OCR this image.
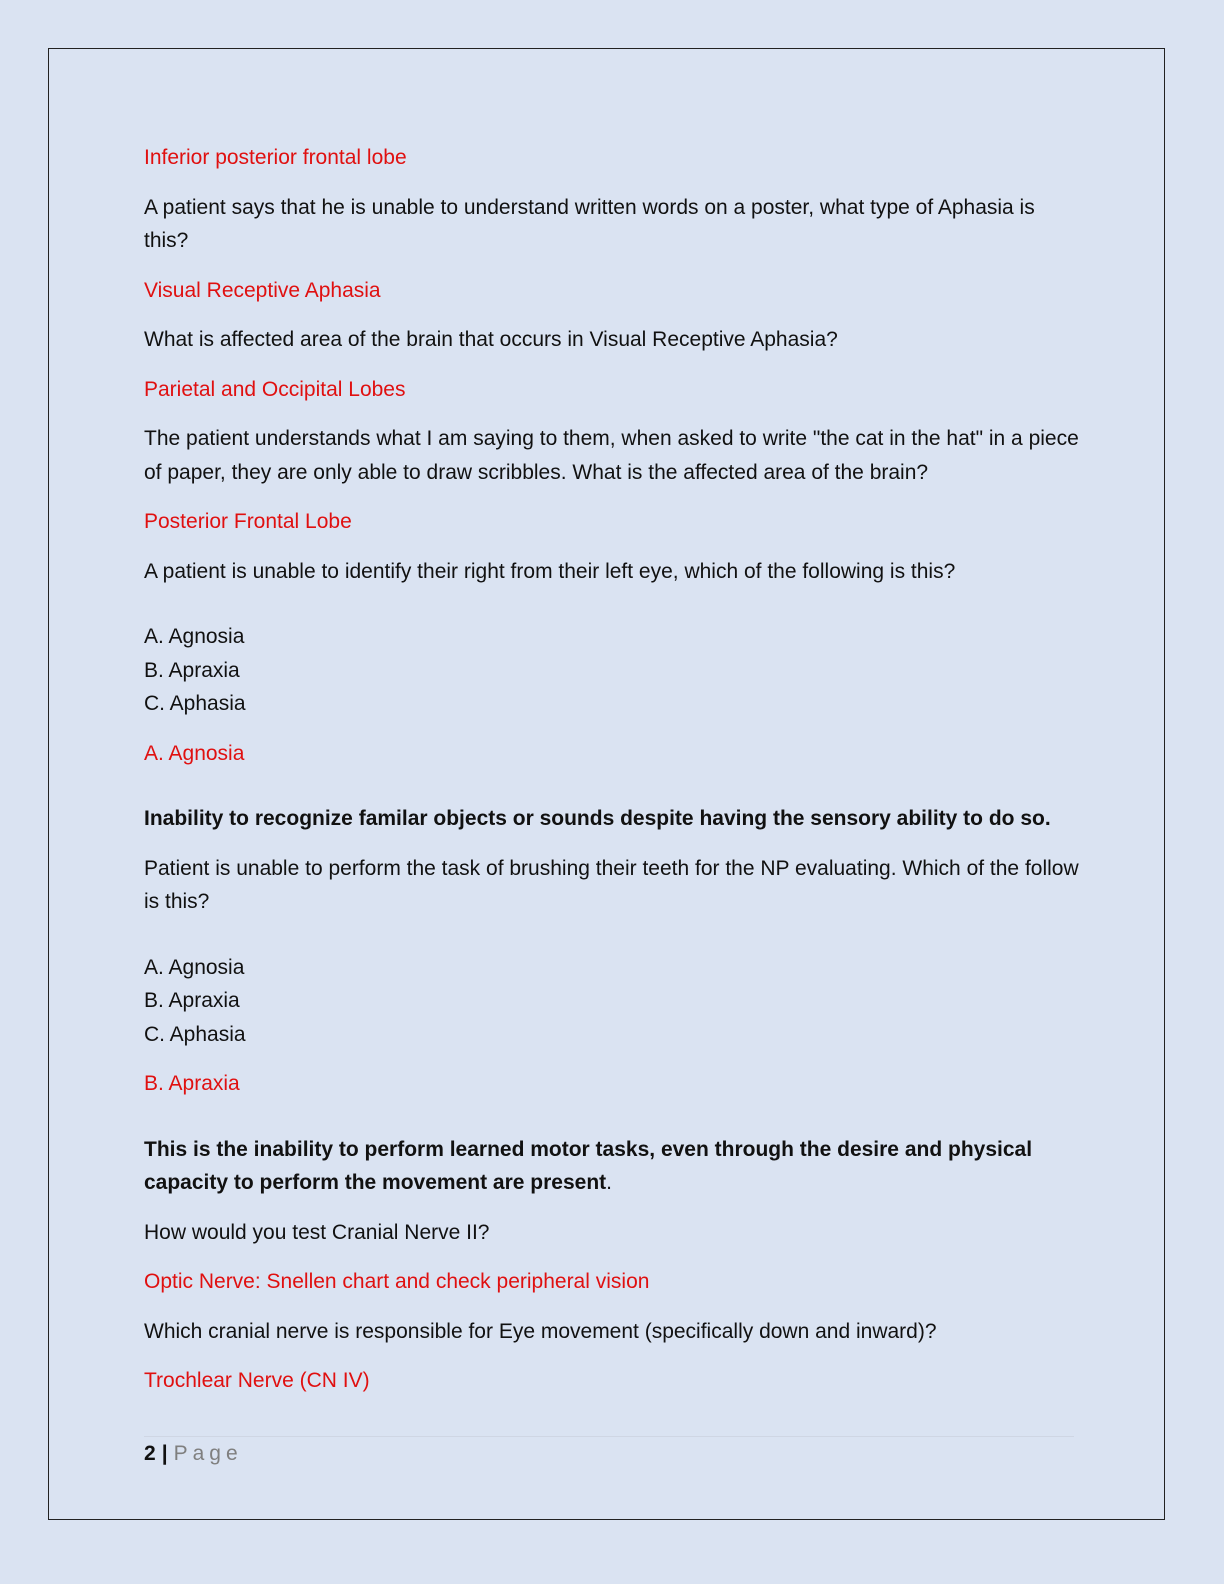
Inferior posterior frontal lobe

A patient says that he is unable to understand written words on a poster, what type of Aphasia is this?

Visual Receptive Aphasia

What is affected area of the brain that occurs in Visual Receptive Aphasia?

Parietal and Occipital Lobes

The patient understands what I am saying to them, when asked to write "the cat in the hat" in a piece of paper, they are only able to draw scribbles. What is the affected area of the brain?

Posterior Frontal Lobe

A patient is unable to identify their right from their left eye, which of the following is this?

A. Agnosia
B. Apraxia
C. Aphasia

A. Agnosia

Inability to recognize familar objects or sounds despite having the sensory ability to do so.

Patient is unable to perform the task of brushing their teeth for the NP evaluating. Which of the follow is this?

A. Agnosia
B. Apraxia
C. Aphasia

B. Apraxia

This is the inability to perform learned motor tasks, even through the desire and physical capacity to perform the movement are present.

How would you test Cranial Nerve II?

Optic Nerve: Snellen chart and check peripheral vision

Which cranial nerve is responsible for Eye movement (specifically down and inward)?

Trochlear Nerve (CN IV)

2 | Page
